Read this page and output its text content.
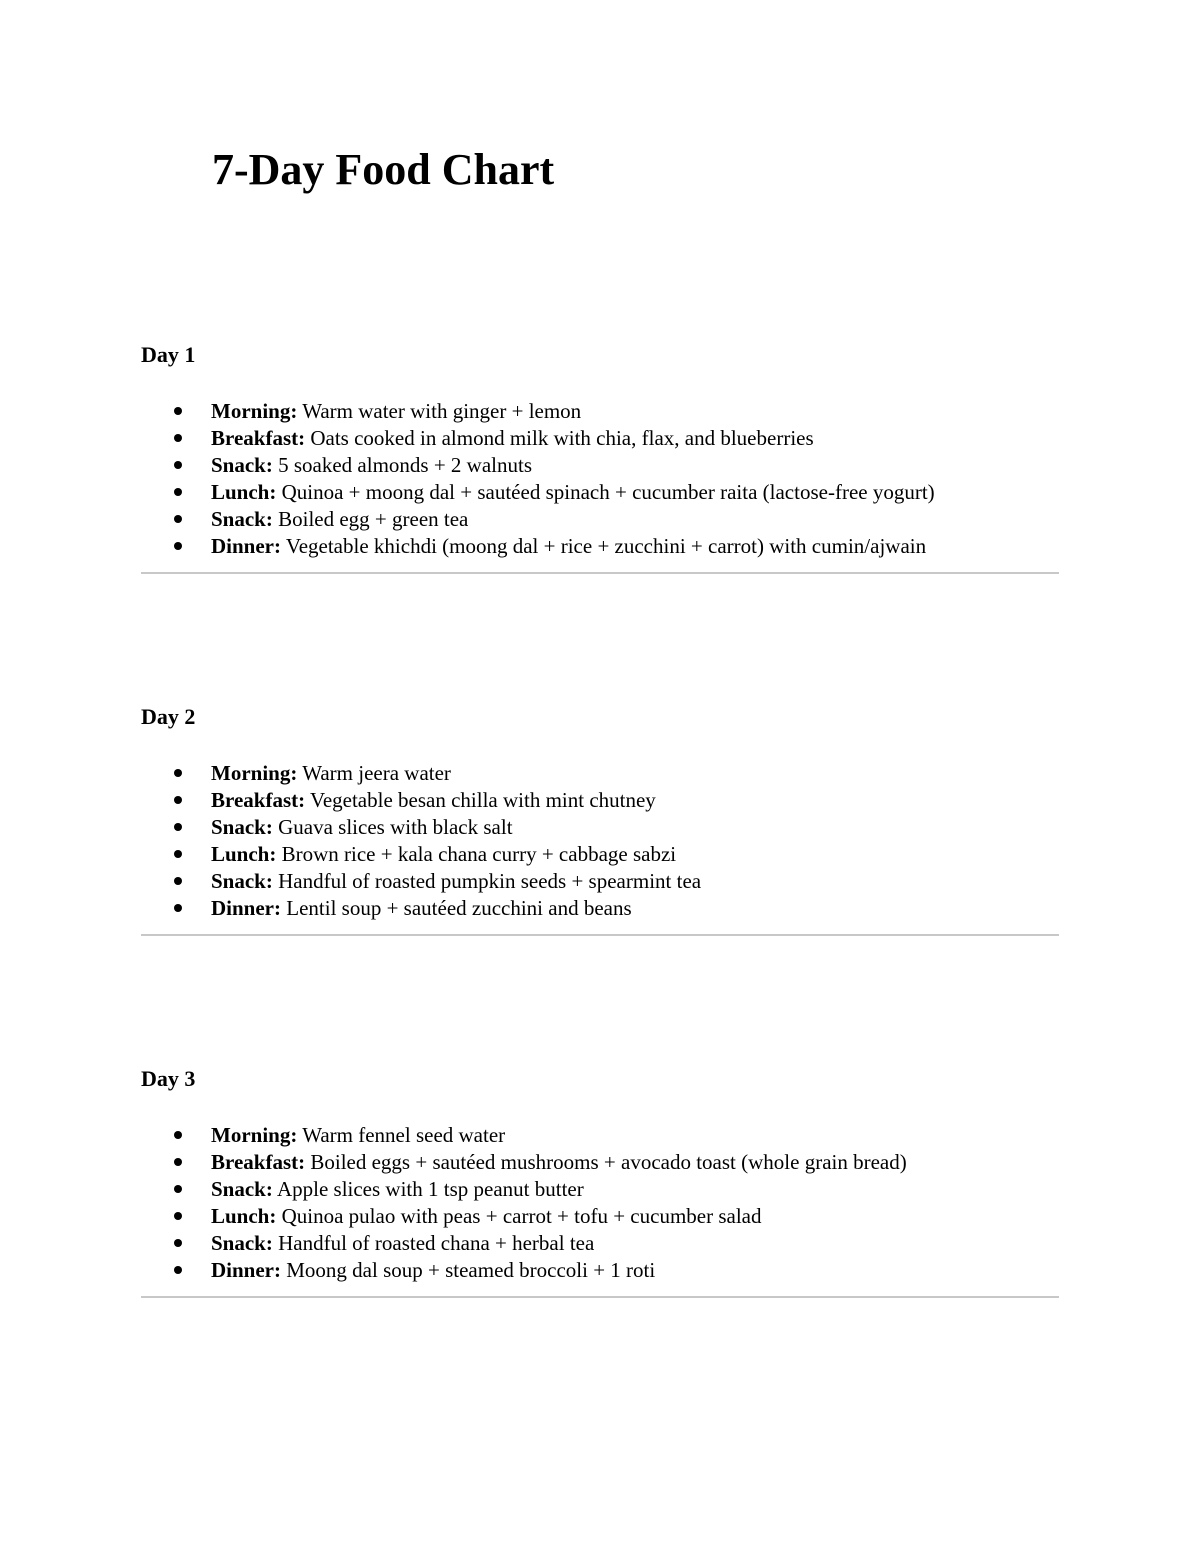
7-Day Food Chart
Day 1
Morning: Warm water with ginger + lemon
Breakfast: Oats cooked in almond milk with chia, flax, and blueberries
Snack: 5 soaked almonds + 2 walnuts
Lunch: Quinoa + moong dal + sautéed spinach + cucumber raita (lactose-free yogurt)
Snack: Boiled egg + green tea
Dinner: Vegetable khichdi (moong dal + rice + zucchini + carrot) with cumin/ajwain
Day 2
Morning: Warm jeera water
Breakfast: Vegetable besan chilla with mint chutney
Snack: Guava slices with black salt
Lunch: Brown rice + kala chana curry + cabbage sabzi
Snack: Handful of roasted pumpkin seeds + spearmint tea
Dinner: Lentil soup + sautéed zucchini and beans
Day 3
Morning: Warm fennel seed water
Breakfast: Boiled eggs + sautéed mushrooms + avocado toast (whole grain bread)
Snack: Apple slices with 1 tsp peanut butter
Lunch: Quinoa pulao with peas + carrot + tofu + cucumber salad
Snack: Handful of roasted chana + herbal tea
Dinner: Moong dal soup + steamed broccoli + 1 roti
